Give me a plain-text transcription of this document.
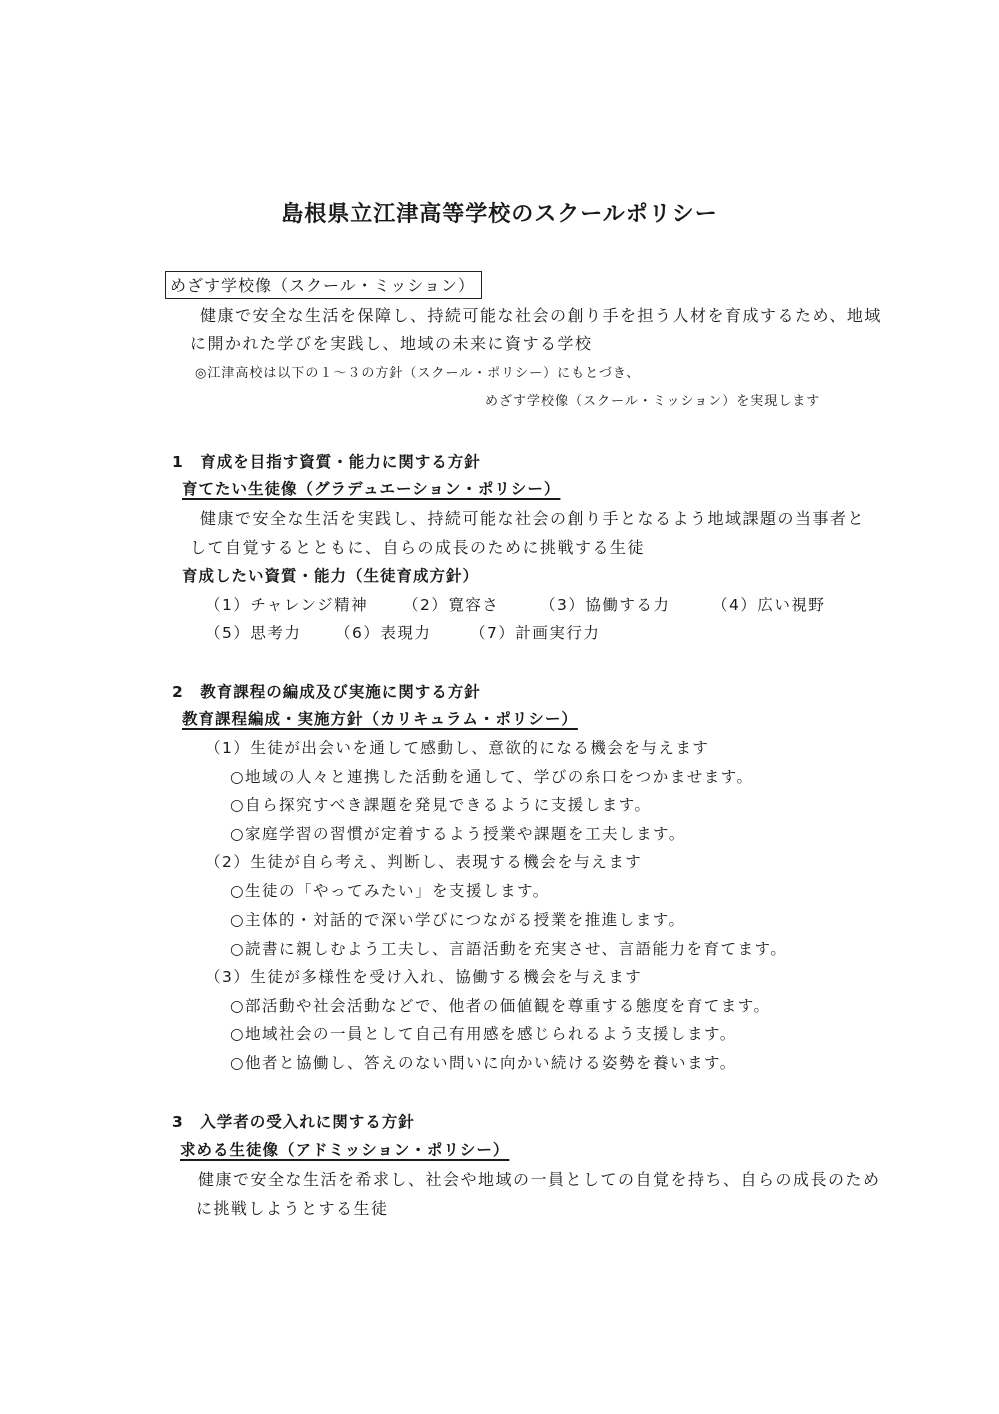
島根県立江津高等学校のスクールポリシー
めざす学校像（スクール・ミッション）
健康で安全な生活を保障し、持続可能な社会の創り手を担う人材を育成するため、地域
に開かれた学びを実践し、地域の未来に資する学校
◎江津高校は以下の１～３の方針（スクール・ポリシー）にもとづき、
めざす学校像（スクール・ミッション）を実現します
1　育成を目指す資質・能力に関する方針
育てたい生徒像（グラデュエーション・ポリシー）
健康で安全な生活を実践し、持続可能な社会の創り手となるよう地域課題の当事者と
して自覚するとともに、自らの成長のために挑戦する生徒
育成したい資質・能力（生徒育成方針）
（1）チャレンジ精神 （2）寛容さ	（3）協働する力	（4）広い視野
（5）思考力 （6）表現力 （7）計画実行力
2　教育課程の編成及び実施に関する方針
教育課程編成・実施方針（カリキュラム・ポリシー）
（1）生徒が出会いを通して感動し、意欲的になる機会を与えます
○地域の人々と連携した活動を通して、学びの糸口をつかませます。
○自ら探究すべき課題を発見できるように支援します。
○家庭学習の習慣が定着するよう授業や課題を工夫します。
（2）生徒が自ら考え、判断し、表現する機会を与えます
○生徒の「やってみたい」を支援します。
○主体的・対話的で深い学びにつながる授業を推進します。
○読書に親しむよう工夫し、言語活動を充実させ、言語能力を育てます。
（3）生徒が多様性を受け入れ、協働する機会を与えます
○部活動や社会活動などで、他者の価値観を尊重する態度を育てます。
○地域社会の一員として自己有用感を感じられるよう支援します。
○他者と協働し、答えのない問いに向かい続ける姿勢を養います。
3　入学者の受入れに関する方針
求める生徒像（アドミッション・ポリシー）
健康で安全な生活を希求し、社会や地域の一員としての自覚を持ち、自らの成長のため
に挑戦しようとする生徒
